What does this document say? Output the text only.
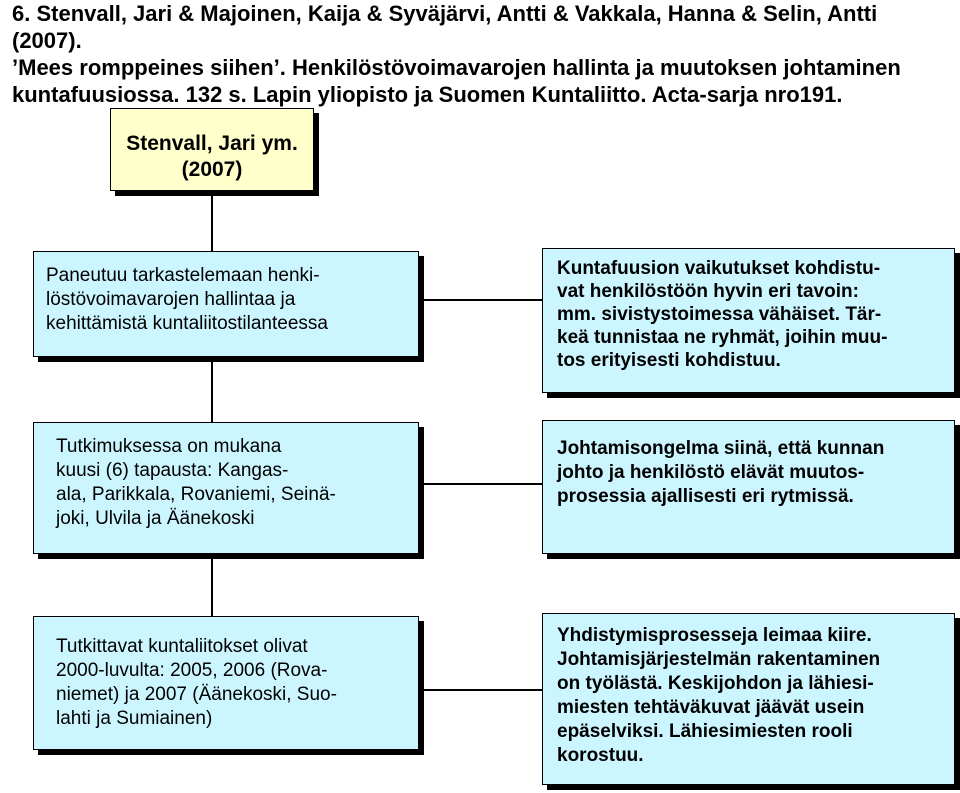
6. Stenvall, Jari & Majoinen, Kaija & Syväjärvi, Antti & Vakkala, Hanna & Selin, Antti (2007).
’Mees romppeines siihen’. Henkilöstövoimavarojen hallinta ja muutoksen johtaminen
kuntafuusiossa. 132 s. Lapin yliopisto ja Suomen Kuntaliitto. Acta-sarja nro191.
Stenvall, Jari ym.
(2007)
Paneutuu tarkastelemaan henki-
löstövoimavarojen hallintaa ja
kehittämistä kuntaliitostilanteessa
Tutkimuksessa on mukana
kuusi (6) tapausta: Kangas-
ala, Parikkala, Rovaniemi, Seinä-
joki, Ulvila ja Äänekoski
Tutkittavat kuntaliitokset olivat
2000-luvulta: 2005, 2006 (Rova-
niemet) ja 2007 (Äänekoski, Suo-
lahti ja Sumiainen)
Kuntafuusion vaikutukset kohdistu-
vat henkilöstöön hyvin eri tavoin:
mm. sivistystoimessa vähäiset. Tär-
keä tunnistaa ne ryhmät, joihin muu-
tos erityisesti kohdistuu.
Johtamisongelma siinä, että kunnan
johto ja henkilöstö elävät muutos-
prosessia ajallisesti eri rytmissä.
Yhdistymisprosesseja leimaa kiire.
Johtamisjärjestelmän rakentaminen
on työlästä. Keskijohdon ja lähiesi-
miesten tehtäväkuvat jäävät usein
epäselviksi. Lähiesimiesten rooli
korostuu.
